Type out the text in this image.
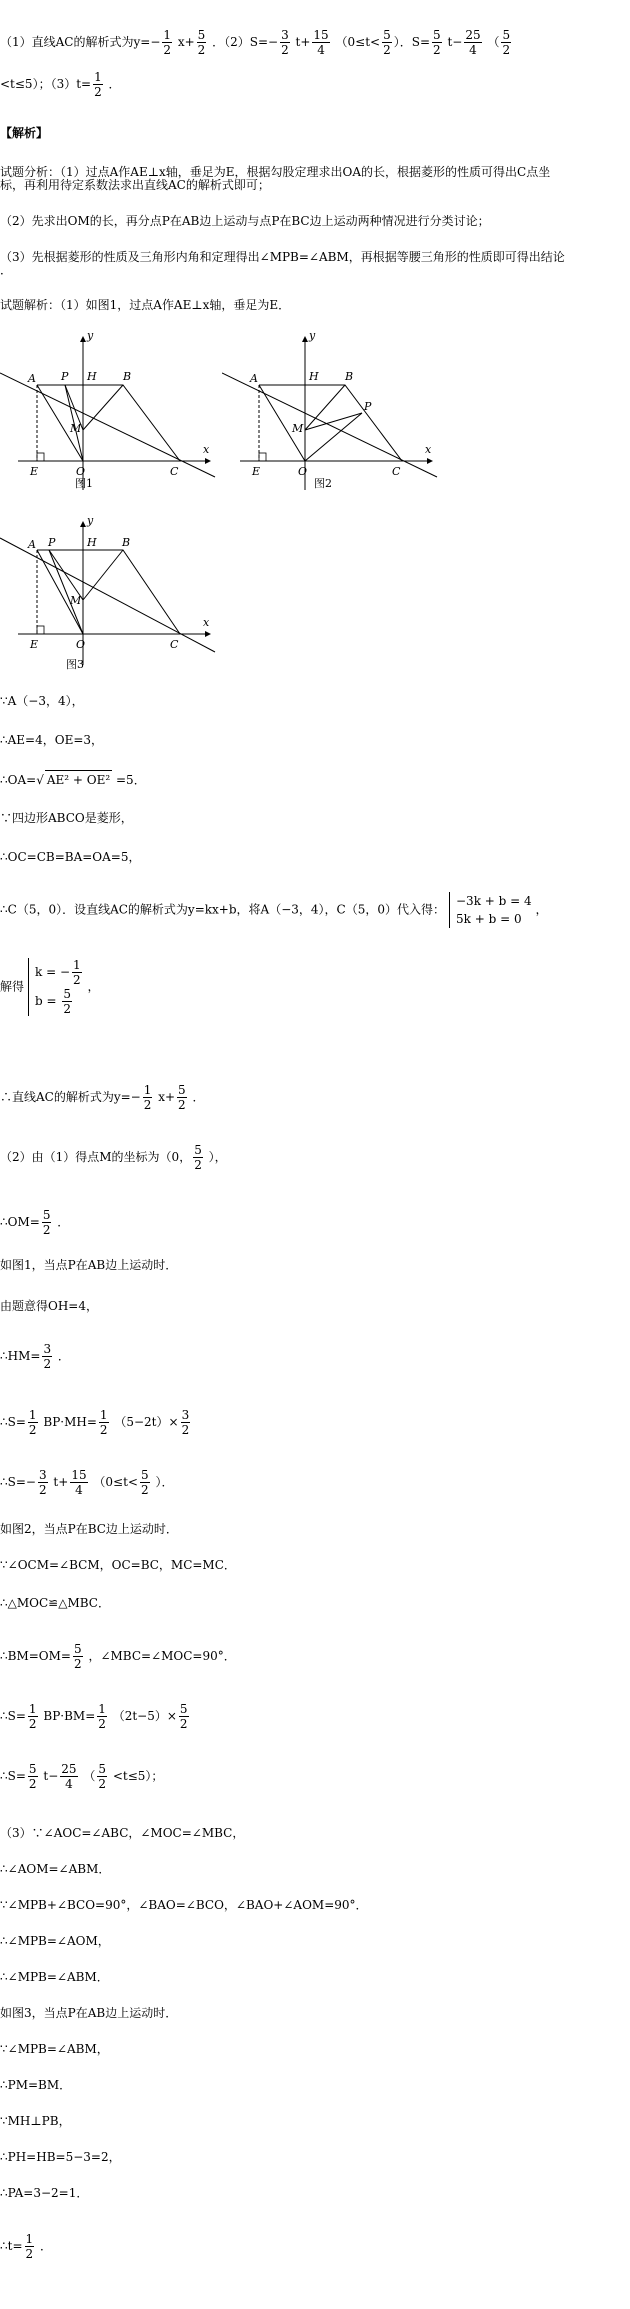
（1）直线AC的解析式为$y=- \frac{1}{2} x+ \frac{5}{2}$ ．$(2)S=- \frac{3}{2} t+ \frac{15}{4} (0\le t< \frac{5}{2}$ ）．$S= \frac{5}{2} t- \frac{25}{4}$ （ $\frac{5}{2}$
<t≤5）；$(3)t= \frac{1}{2}$ ．
【解析】
试题分析：（1）过点A作AE⊥x轴，垂足为E，根据勾股定理求出OA的长，根据菱形的性质可得出C点坐
标，再利用待定系数法求出直线AC的解析式即可；
（2）先求出OM的长，再分点P在AB边上运动与点P在BC边上运动两种情况进行分类讨论；
（3）先根据菱形的性质及三角形内角和定理得出∠MPB=∠ABM，再根据等腰三角形的性质即可得出结论
．
试题解析：（1）如图1，过点A作AE⊥x轴，垂足为E．
A P H B
M
E	O	C
x
y
图1
A	H B
P
M
E	O	C
x
y
图2
A P	H B
M
E	O	C
x
y
图3
∵A（−3，4），
∴AE=4，OE=3，
∴OA=√ AE² + OE² =5．
∵四边形ABCO是菱形，
∴OC=CB=BA=OA=5，
∴C（5，0）．设直线AC的解析式为y=kx+b，将A（−3，4），C（5，0）代入得：
−3k + b = 4
5k + b = 0
，
解得
k = − $\frac{1}{2}$
$b = \frac{5}{2}$
，
∴直线AC的解析式为$y=- \frac{1}{2} x+ \frac{5}{2}$ ．
（2）由（1）得点M的坐标为（0， $\frac{5}{2}$ ），
∴OM= $\frac{5}{2}$ ．
如图1，当点P在AB边上运动时．
由题意得OH=4，
∴HM= $\frac{3}{2}$ ．
∴S= $\frac{1}{2} BP\cdot MH= \frac{1}{2} (5-2t)\times \frac{3}{2}$
∴S=− $\frac{3}{2} t+ \frac{15}{4} (0\le t< \frac{5}{2}$ ）．
如图2，当点P在BC边上运动时．
∵∠OCM=∠BCM，OC=BC，MC=MC．
∴△MOC≌△MBC．
∴BM=OM= $\frac{5}{2}$ ，∠MBC=∠MOC=90°．
∴S= $\frac{1}{2} BP\cdot BM= \frac{1}{2} (2t-5)\times \frac{5}{2}$
∴S= $\frac{5}{2} t- \frac{25}{4}$ （ $\frac{5}{2} <t\le 5$）；
（3）∵∠AOC=∠ABC，∠MOC=∠MBC，
∴∠AOM=∠ABM．
∵∠MPB+∠BCO=90°，∠BAO=∠BCO，∠BAO+∠AOM=90°．
∴∠MPB=∠AOM，
∴∠MPB=∠ABM．
如图3，当点P在AB边上运动时．
∵∠MPB=∠ABM，
∴PM=BM．
∵MH⊥PB，
∴PH=HB=5−3=2，
∴PA=3−2=1．
∴t= $\frac{1}{2}$ ．
